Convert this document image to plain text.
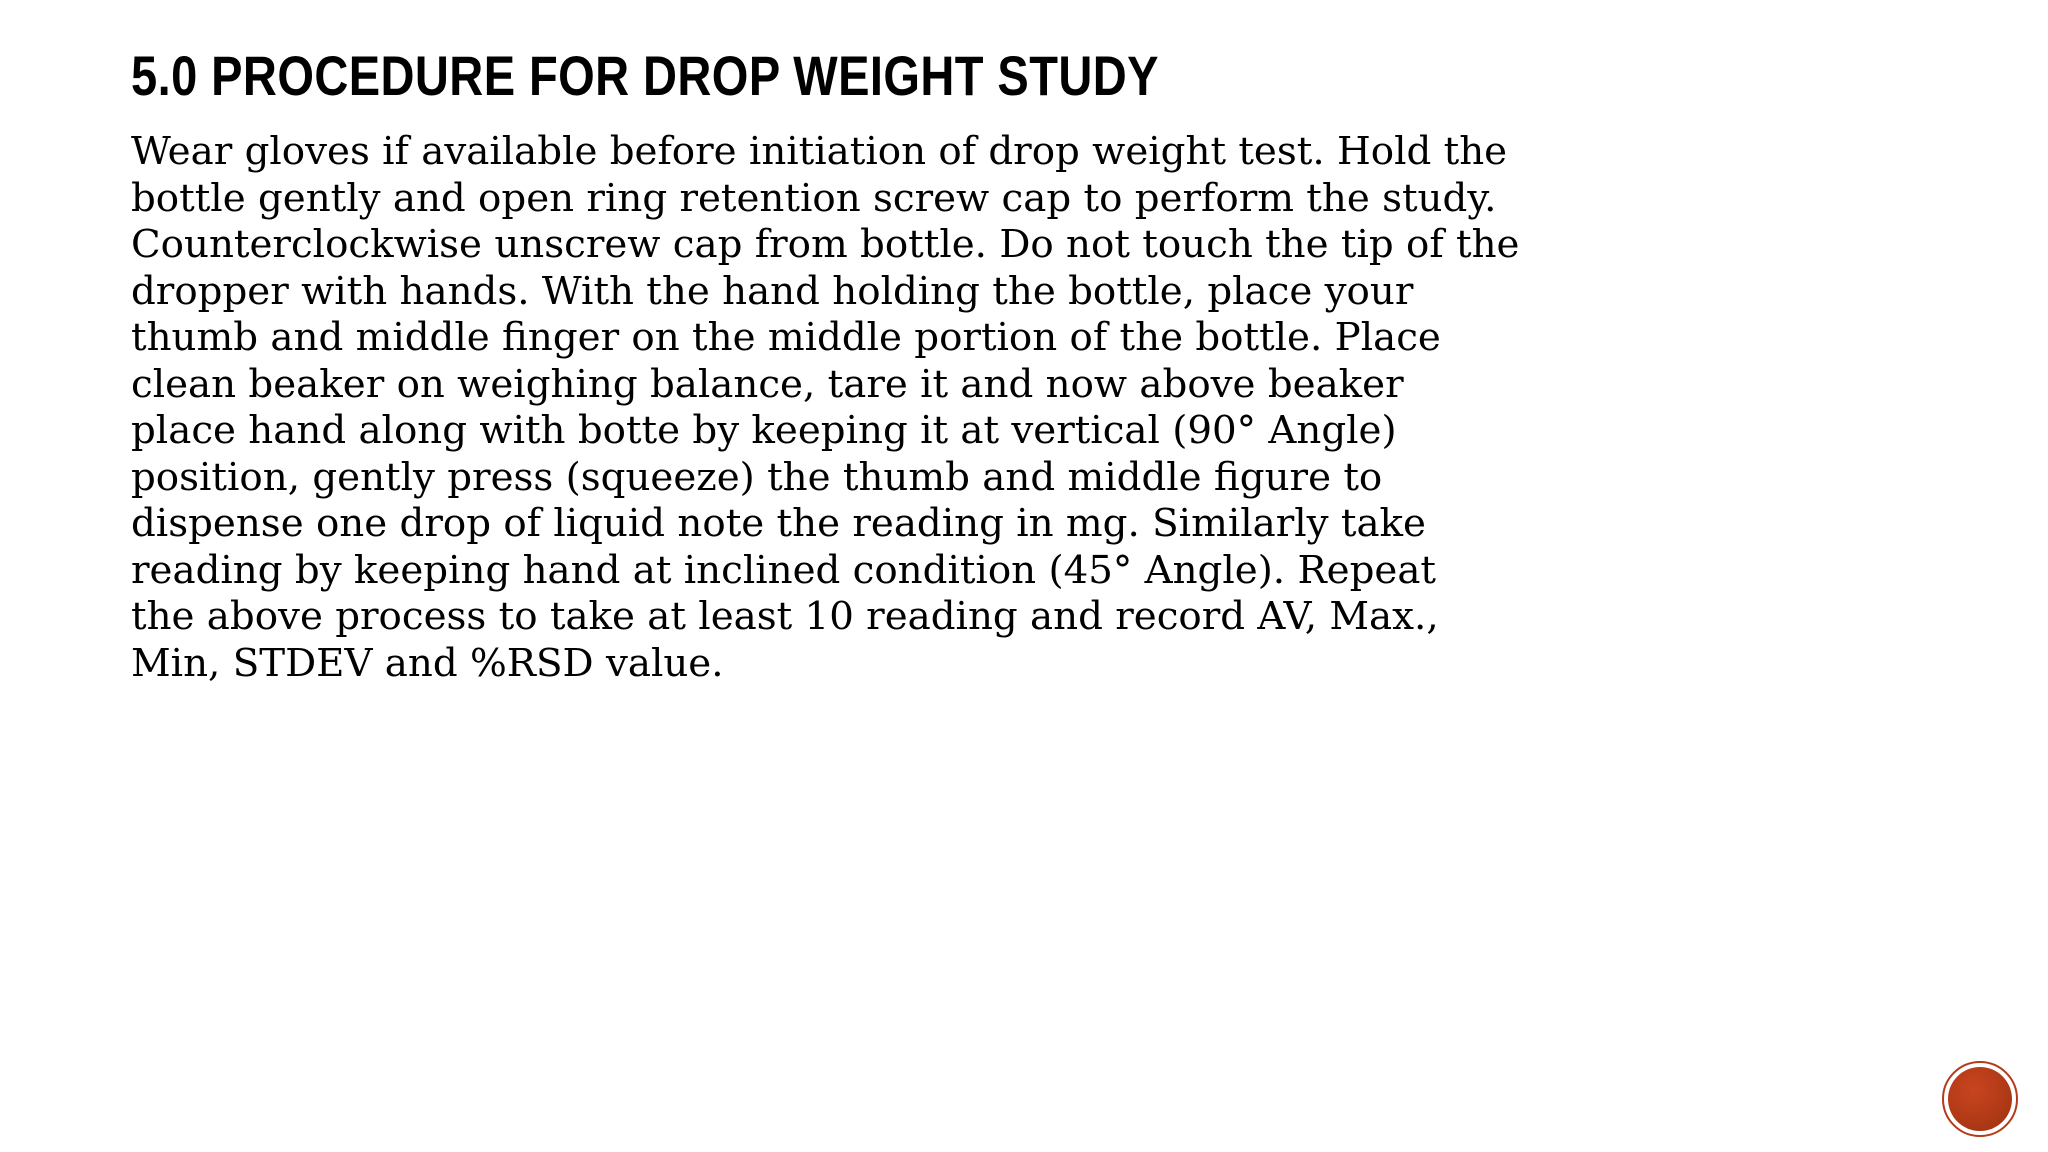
5.0 PROCEDURE FOR DROP WEIGHT STUDY
Wear gloves if available before initiation of drop weight test. Hold the
bottle gently and open ring retention screw cap to perform the study.
Counterclockwise unscrew cap from bottle. Do not touch the tip of the
dropper with hands. With the hand holding the bottle, place your
thumb and middle finger on the middle portion of the bottle. Place
clean beaker on weighing balance, tare it and now above beaker
place hand along with botte by keeping it at vertical (90° Angle)
position, gently press (squeeze) the thumb and middle figure to
dispense one drop of liquid note the reading in mg. Similarly take
reading by keeping hand at inclined condition (45° Angle). Repeat
the above process to take at least 10 reading and record AV, Max.,
Min, STDEV and %RSD value.
